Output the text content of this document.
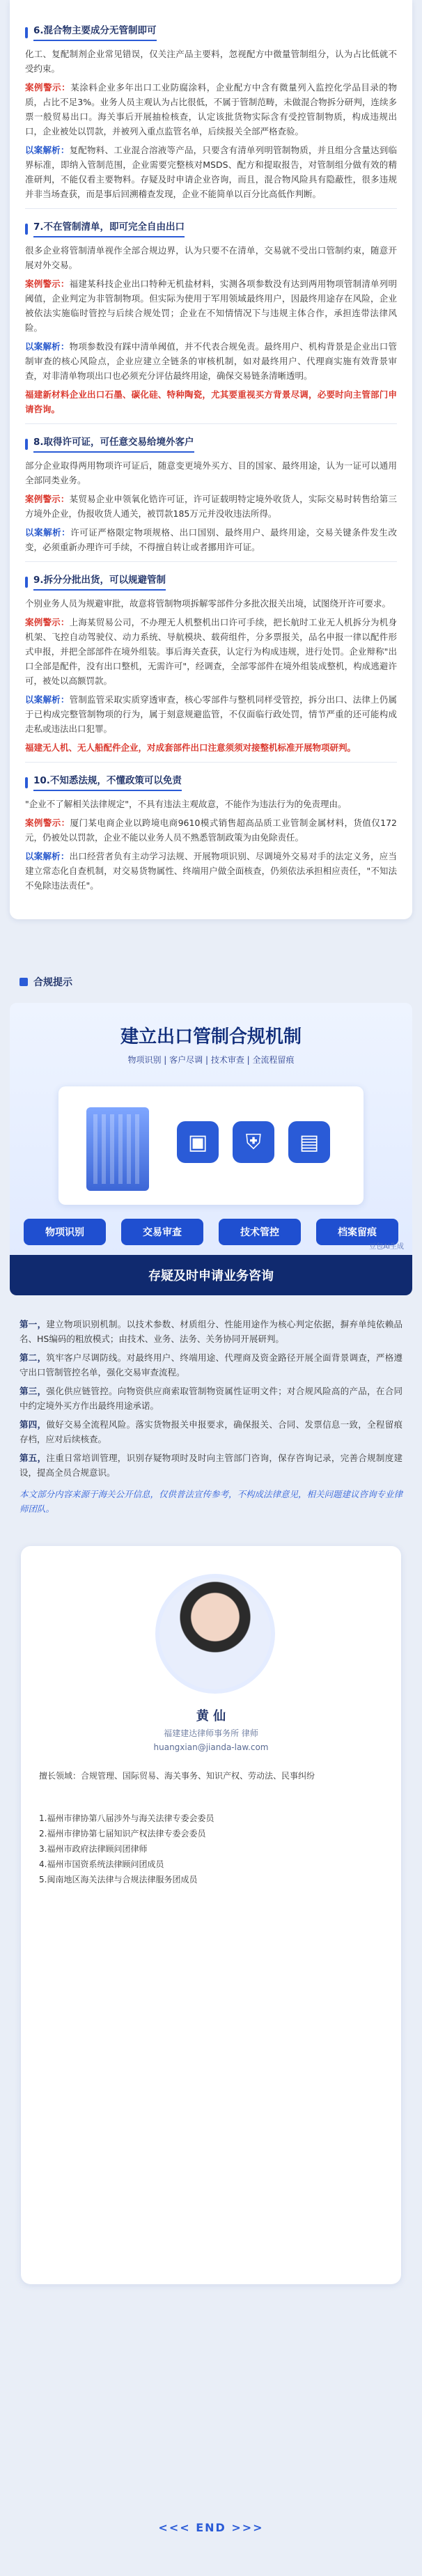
6.混合物主要成分无管制即可
化工、复配制剂企业常见错误，仅关注产品主要料，忽视配方中微量管制组分，认为占比低就不受约束。
案例警示：某涂料企业多年出口工业防腐涂料，企业配方中含有微量列入监控化学品目录的物质，占比不足3%。业务人员主观认为占比很低，不属于管制范畴，未做混合物拆分研判，连续多票一般贸易出口。海关事后开展抽检核查，认定该批货物实际含有受控管制物质，构成违规出口，企业被处以罚款，并被列入重点监管名单，后续报关全部严格查验。
以案解析：复配物料、工业混合溶液等产品，只要含有清单列明管制物质，并且组分含量达到临界标准，即纳入管制范围，企业需要完整核对MSDS、配方和提取报告，对管制组分做有效的精准研判，不能仅看主要物料。存疑及时申请企业咨询，而且，混合物风险具有隐蔽性，很多违规并非当场查获，而是事后回溯稽查发现，企业不能简单以百分比高低作判断。
7.不在管制清单，即可完全自由出口
很多企业将管制清单视作全部合规边界，认为只要不在清单，交易就不受出口管制约束，随意开展对外交易。
案例警示：福建某科技企业出口特种无机盐材料，实测各项参数没有达到两用物项管制清单列明阈值，企业判定为非管制物项。但实际为使用于军用领域最终用户，因最终用途存在风险，企业被依法实施临时管控与后续合规处罚；企业在不知情情况下与违规主体合作，承担连带法律风险。
以案解析：物项参数没有踩中清单阈值，并不代表合规免责。最终用户、机构背景是企业出口管制审查的核心风险点，企业应建立全链条的审核机制，如对最终用户、代理商实施有效背景审查，对非清单物项出口也必须充分评估最终用途，确保交易链条清晰透明。
福建新材料企业出口石墨、碳化硅、特种陶瓷，尤其要重视买方背景尽调，必要时向主管部门申请咨询。
8.取得许可证，可任意交易给境外客户
部分企业取得两用物项许可证后，随意变更境外买方、目的国家、最终用途，认为一证可以通用全部同类业务。
案例警示：某贸易企业申领氧化锆许可证，许可证载明特定境外收货人，实际交易时转售给第三方境外企业，伪报收货人通关，被罚款185万元并没收违法所得。
以案解析：许可证严格限定物项规格、出口国别、最终用户、最终用途，交易关键条件发生改变，必须重新办理许可手续，不得擅自转让或者挪用许可证。
9.拆分分批出货，可以规避管制
个别业务人员为规避审批，故意将管制物项拆解零部件分多批次报关出境，试图绕开许可要求。
案例警示：上海某贸易公司，不办理无人机整机出口许可手续，把长航时工业无人机拆分为机身机架、飞控自动驾驶仪、动力系统、导航模块、载荷组件，分多票报关，品名申报一律以配件形式申报，并把全部部件在境外组装。事后海关查获，认定行为构成违规，进行处罚。企业辩称"出口全部是配件，没有出口整机，无需许可"，经调查，全部零部件在境外组装成整机，构成逃避许可，被处以高额罚款。
以案解析：管制监管采取实质穿透审查，核心零部件与整机同样受管控，拆分出口、法律上仍属于已构成完整管制物项的行为，属于刻意规避监管，不仅面临行政处罚，情节严重的还可能构成走私或违法出口犯罪。
福建无人机、无人船配件企业，对成套部件出口注意须须对接整机标准开展物项研判。
10.不知悉法规，不懂政策可以免责
"企业不了解相关法律规定"，不具有违法主观故意，不能作为违法行为的免责理由。
案例警示：厦门某电商企业以跨境电商9610模式销售超高品质工业管制金属材料，货值仅172元，仍被处以罚款，企业不能以业务人员不熟悉管制政策为由免除责任。
以案解析：出口经营者负有主动学习法规、开展物项识别、尽调境外交易对手的法定义务，应当建立常态化自查机制，对交易货物属性、终端用户做全面核查，仍须依法承担相应责任，"不知法不免除违法责任"。
合规提示
建立出口管制合规机制
物项识别 | 客户尽调 | 技术审查 | 全流程留痕
▣	⛨	▤
物项识别	交易审查	技术管控	档案留痕
豆包AI生成
存疑及时申请业务咨询
第一，建立物项识别机制。以技术参数、材质组分、性能用途作为核心判定依据，摒弃单纯依赖品名、HS编码的粗放模式；由技术、业务、法务、关务协同开展研判。
第二，筑牢客户尽调防线。对最终用户、终端用途、代理商及资金路径开展全面背景调查，严格遵守出口管制管控名单，强化交易审查流程。
第三，强化供应链管控。向物资供应商索取管制物资属性证明文件；对合规风险高的产品，在合同中约定境外买方作出最终用途承诺。
第四，做好交易全流程风险。落实货物报关申报要求，确保报关、合同、发票信息一致，全程留痕存档，应对后续核查。
第五，注重日常培训管理，识别存疑物项时及时向主管部门咨询，保存咨询记录，完善合规制度建设，提高全员合规意识。
本文部分内容来源于海关公开信息，仅供普法宣传参考，不构成法律意见，相关问题建议咨询专业律师团队。
黄 仙
福建建达律师事务所 律师
huangxian@jianda-law.com
擅长领域：合规管理、国际贸易、海关事务、知识产权、劳动法、民事纠纷
1.福州市律协第八届涉外与海关法律专委会委员
2.福州市律协第七届知识产权法律专委会委员
3.福州市政府法律顾问团律师
4.福州市国资系统法律顾问团成员
5.闽南地区海关法律与合规法律服务团成员
<<< END >>>
